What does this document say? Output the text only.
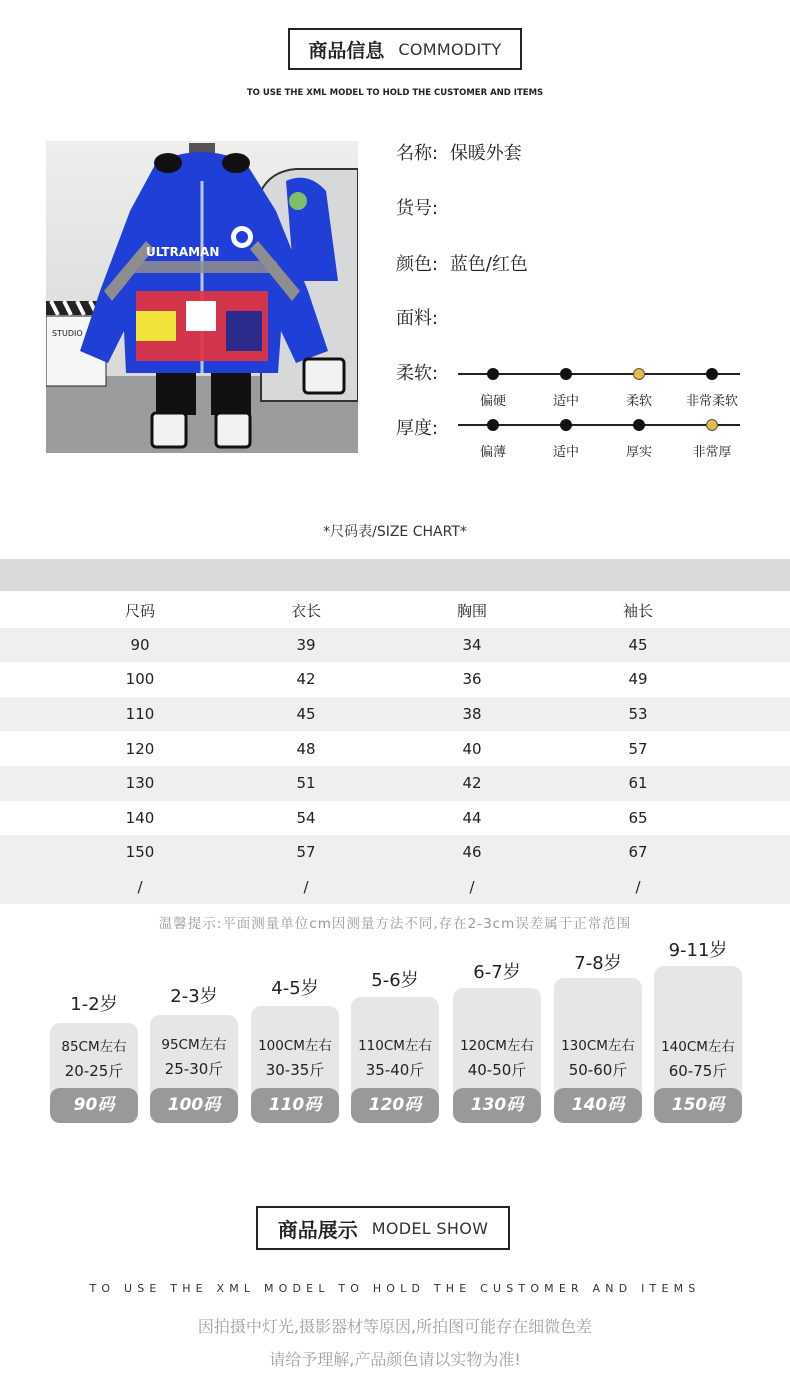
商品信息 COMMODITY
TO USE THE XML MODEL TO HOLD THE CUSTOMER AND ITEMS
STUDIO
ULTRAMAN
名称: 保暖外套
货号:
颜色: 蓝色/红色
面料:
柔软:
偏硬	适中	柔软	非常柔软
厚度:
偏薄	适中	厚实	非常厚
*尺码表/SIZE CHART*
尺码	衣长	胸围	袖长
90	39	34	45
100	42	36	49
110	45	38	53
120	48	40	57
130	51	42	61
140	54	44	65
150	57	46	67
/	/	/	/
温馨提示:平面测量单位cm因测量方法不同,存在2-3cm误差属于正常范围
1-2岁
85CM左右
20-25斤
90码
2-3岁
95CM左右
25-30斤
100码
4-5岁
100CM左右
30-35斤
110码
5-6岁
110CM左右
35-40斤
120码
6-7岁
120CM左右
40-50斤
130码
7-8岁
130CM左右
50-60斤
140码
9-11岁
140CM左右
60-75斤
150码
商品展示 MODEL SHOW
TO USE THE XML MODEL TO HOLD THE CUSTOMER AND ITEMS
因拍摄中灯光,摄影器材等原因,所拍图可能存在细微色差
请给予理解,产品颜色请以实物为准!
